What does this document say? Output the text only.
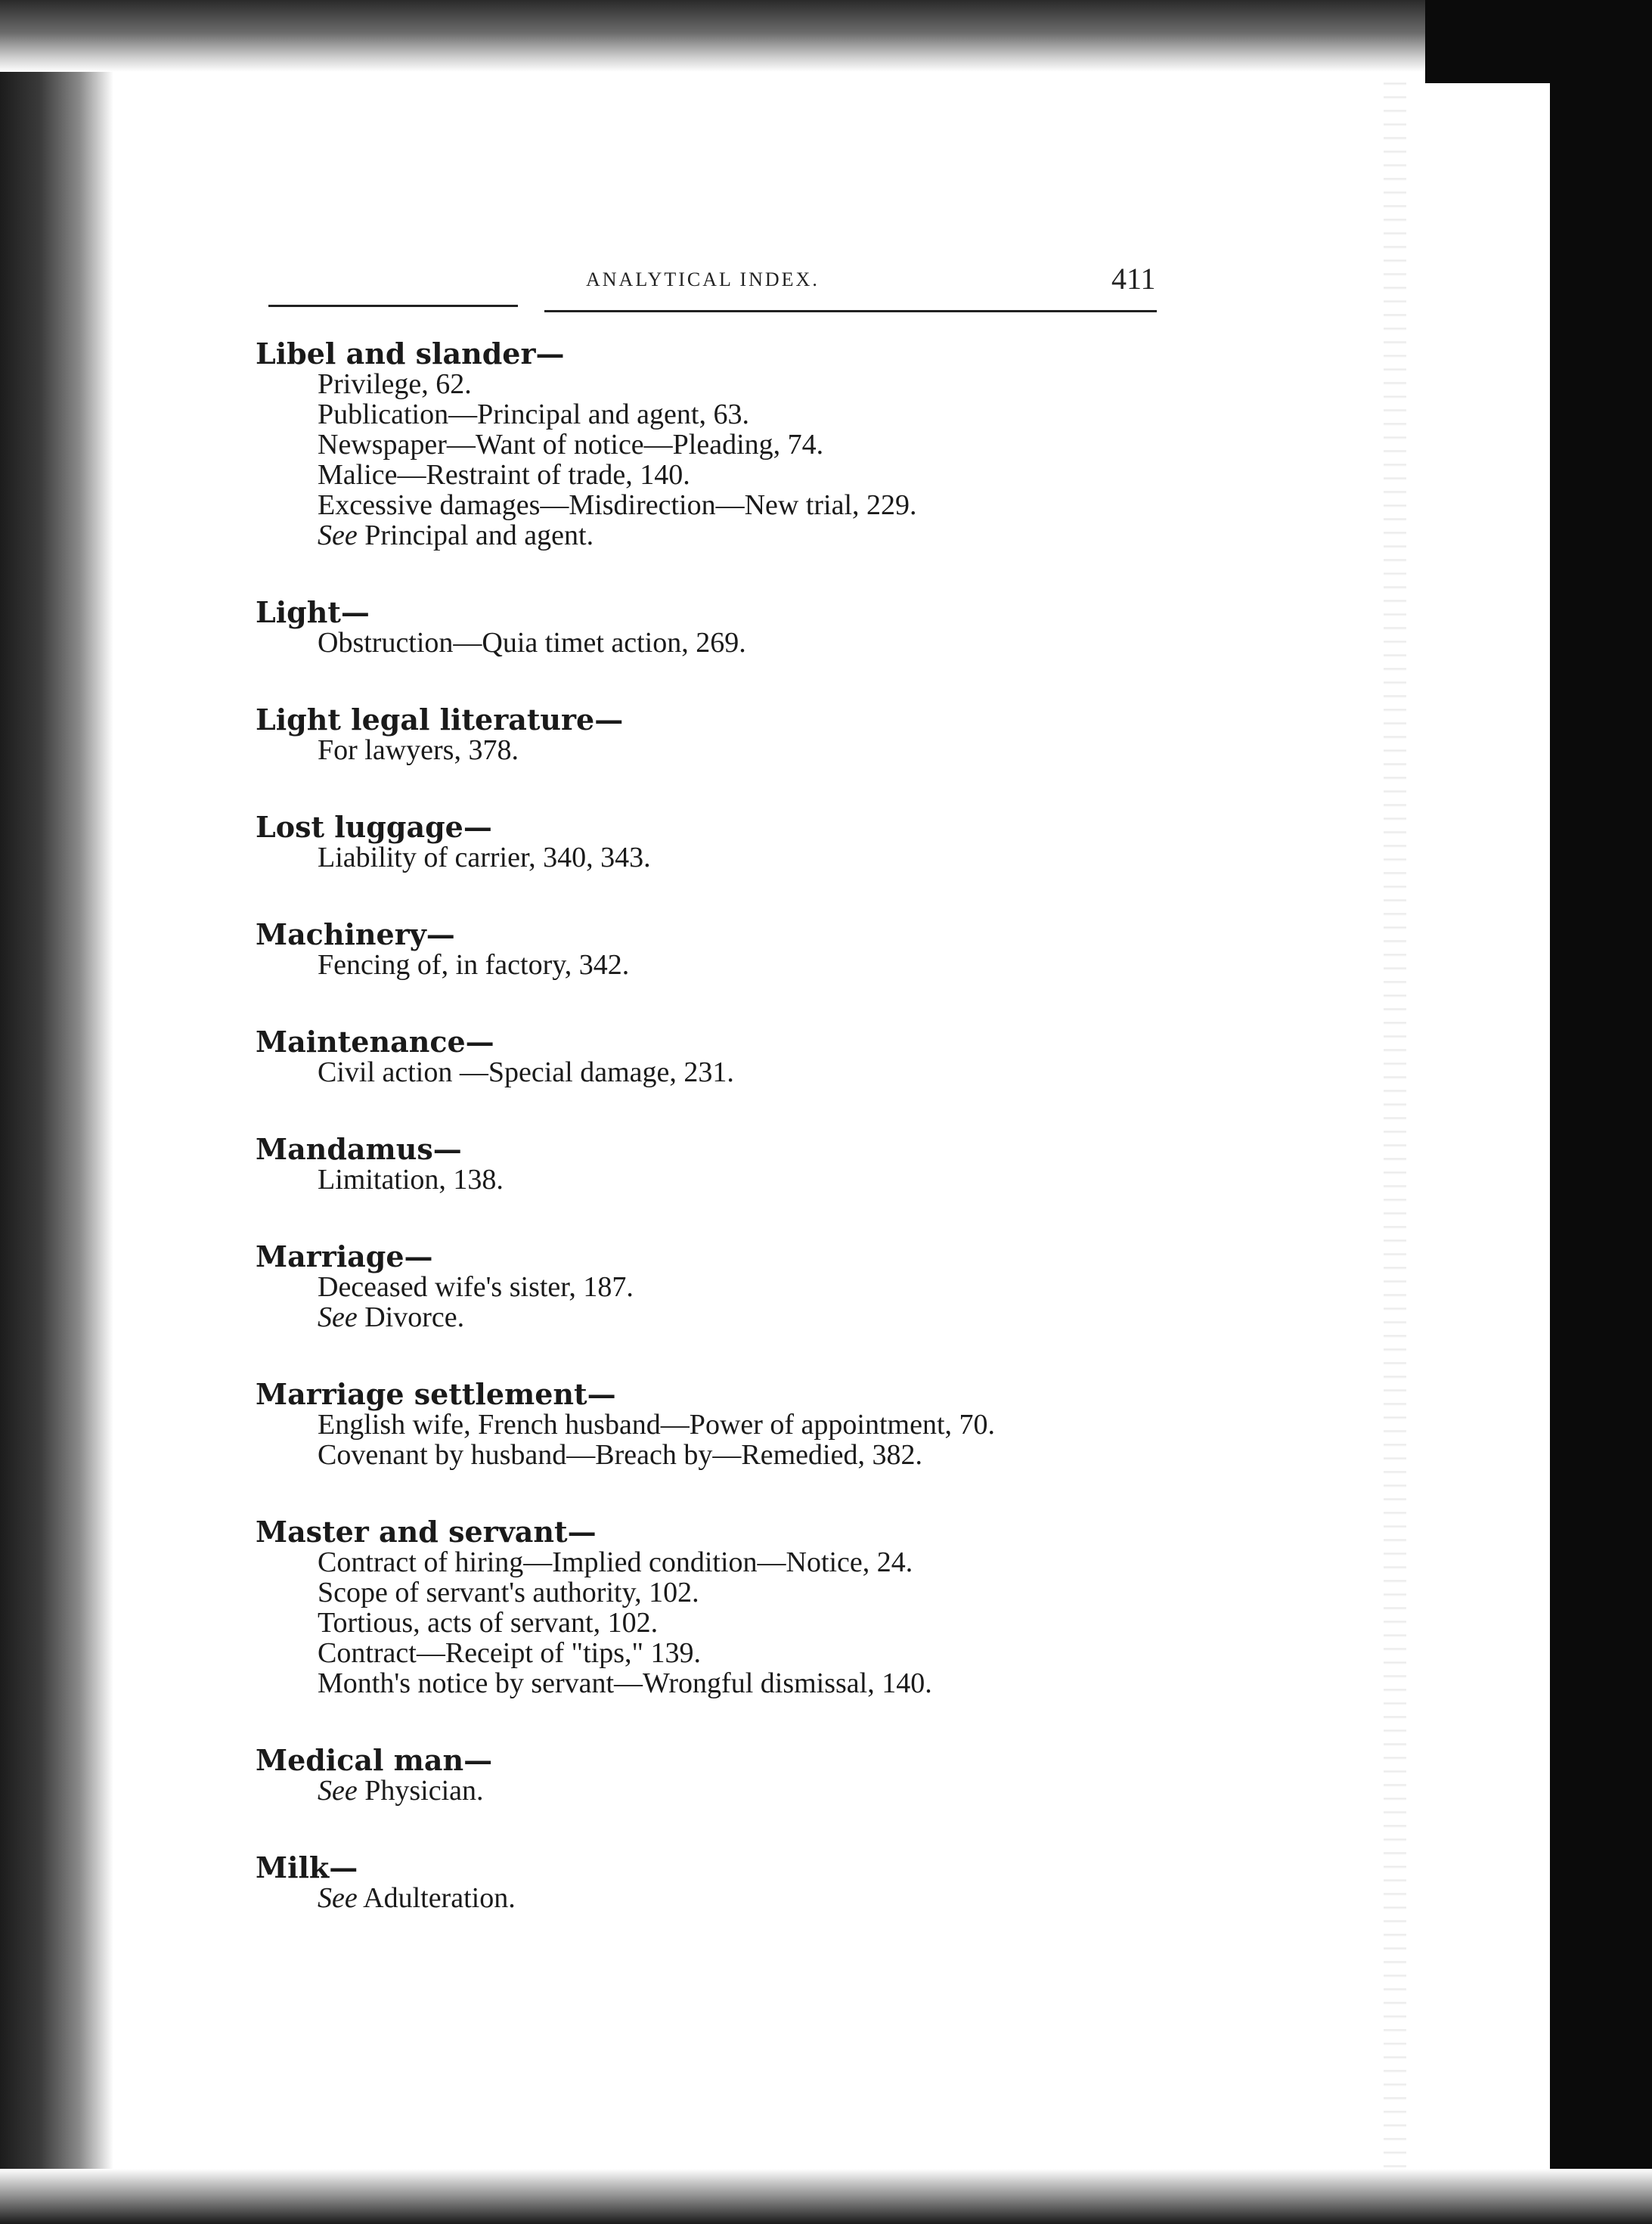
ANALYTICAL INDEX.	411
Libel and slander—
Privilege, 62.
Publication—Principal and agent, 63.
Newspaper—Want of notice—Pleading, 74.
Malice—Restraint of trade, 140.
Excessive damages—Misdirection—New trial, 229.
See Principal and agent.
Light—
Obstruction—Quia timet action, 269.
Light legal literature—
For lawyers, 378.
Lost luggage—
Liability of carrier, 340, 343.
Machinery—
Fencing of, in factory, 342.
Maintenance—
Civil action —Special damage, 231.
Mandamus—
Limitation, 138.
Marriage—
Deceased wife's sister, 187.
See Divorce.
Marriage settlement—
English wife, French husband—Power of appointment, 70.
Covenant by husband—Breach by—Remedied, 382.
Master and servant—
Contract of hiring—Implied condition—Notice, 24.
Scope of servant's authority, 102.
Tortious, acts of servant, 102.
Contract—Receipt of "tips," 139.
Month's notice by servant—Wrongful dismissal, 140.
Medical man—
See Physician.
Milk—
See Adulteration.
